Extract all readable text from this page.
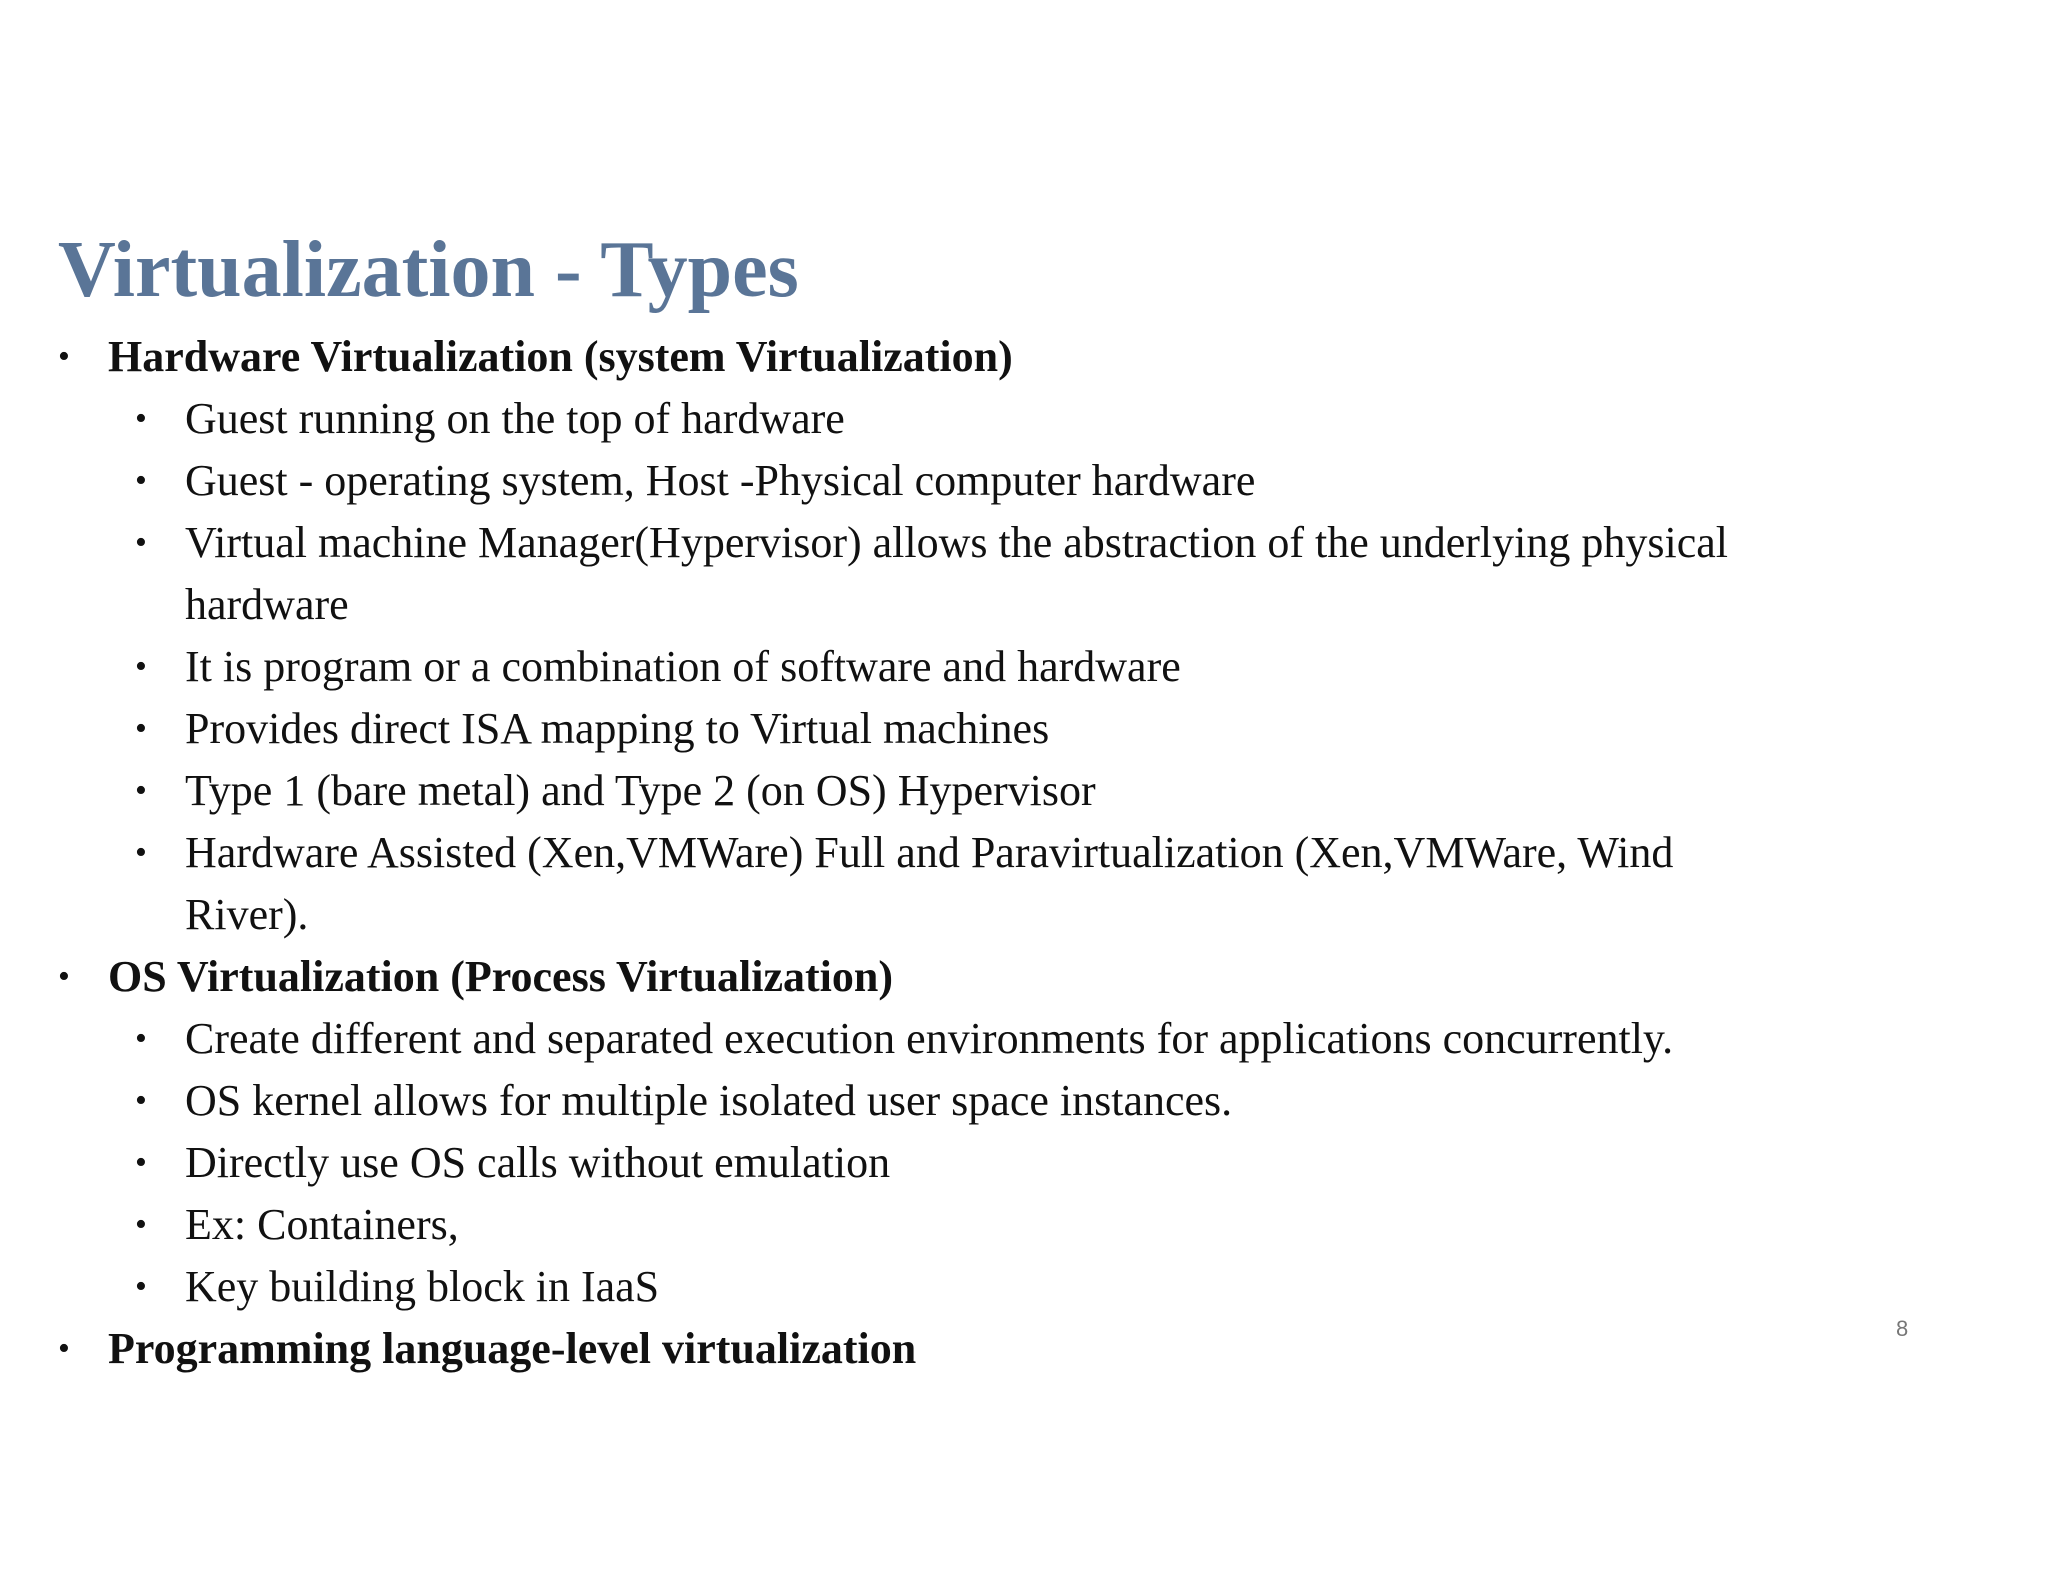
Virtualization - Types
• Hardware Virtualization (system Virtualization)
• Guest running on the top of hardware
• Guest - operating system, Host -Physical computer hardware
• Virtual machine Manager(Hypervisor) allows the abstraction of the underlying physical
hardware
• It is program or a combination of software and hardware
• Provides direct ISA mapping to Virtual machines
• Type 1 (bare metal) and Type 2 (on OS) Hypervisor
• Hardware Assisted (Xen,VMWare) Full and Paravirtualization (Xen,VMWare, Wind
River).
• OS Virtualization (Process Virtualization)
• Create different and separated execution environments for applications concurrently.
• OS kernel allows for multiple isolated user space instances.
• Directly use OS calls without emulation
• Ex: Containers,
• Key building block in IaaS
• Programming language-level virtualization	8
